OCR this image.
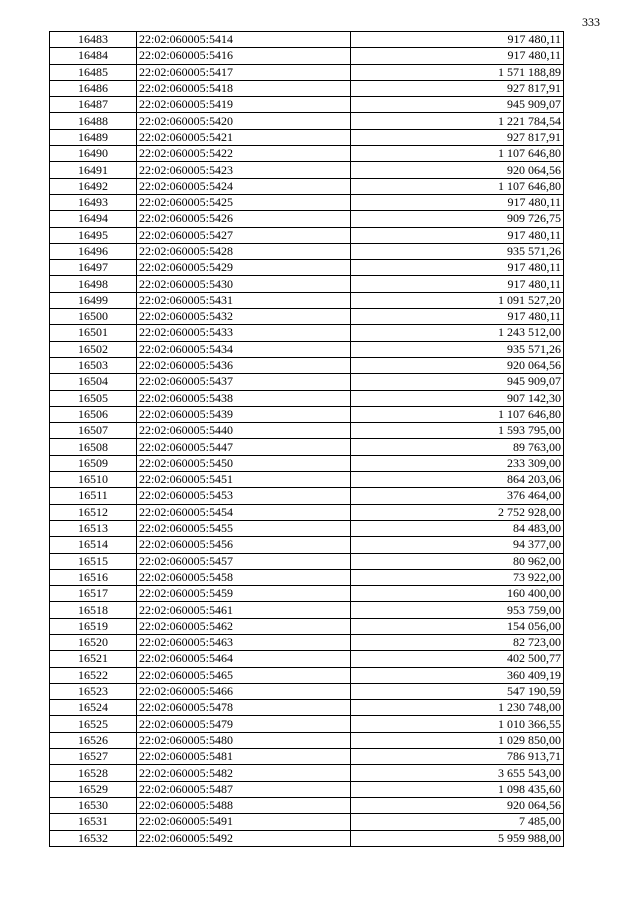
333
16483	22:02:060005:5414	917 480,11
16484	22:02:060005:5416	917 480,11
16485	22:02:060005:5417	1 571 188,89
16486	22:02:060005:5418	927 817,91
16487	22:02:060005:5419	945 909,07
16488	22:02:060005:5420	1 221 784,54
16489	22:02:060005:5421	927 817,91
16490	22:02:060005:5422	1 107 646,80
16491	22:02:060005:5423	920 064,56
16492	22:02:060005:5424	1 107 646,80
16493	22:02:060005:5425	917 480,11
16494	22:02:060005:5426	909 726,75
16495	22:02:060005:5427	917 480,11
16496	22:02:060005:5428	935 571,26
16497	22:02:060005:5429	917 480,11
16498	22:02:060005:5430	917 480,11
16499	22:02:060005:5431	1 091 527,20
16500	22:02:060005:5432	917 480,11
16501	22:02:060005:5433	1 243 512,00
16502	22:02:060005:5434	935 571,26
16503	22:02:060005:5436	920 064,56
16504	22:02:060005:5437	945 909,07
16505	22:02:060005:5438	907 142,30
16506	22:02:060005:5439	1 107 646,80
16507	22:02:060005:5440	1 593 795,00
16508	22:02:060005:5447	89 763,00
16509	22:02:060005:5450	233 309,00
16510	22:02:060005:5451	864 203,06
16511	22:02:060005:5453	376 464,00
16512	22:02:060005:5454	2 752 928,00
16513	22:02:060005:5455	84 483,00
16514	22:02:060005:5456	94 377,00
16515	22:02:060005:5457	80 962,00
16516	22:02:060005:5458	73 922,00
16517	22:02:060005:5459	160 400,00
16518	22:02:060005:5461	953 759,00
16519	22:02:060005:5462	154 056,00
16520	22:02:060005:5463	82 723,00
16521	22:02:060005:5464	402 500,77
16522	22:02:060005:5465	360 409,19
16523	22:02:060005:5466	547 190,59
16524	22:02:060005:5478	1 230 748,00
16525	22:02:060005:5479	1 010 366,55
16526	22:02:060005:5480	1 029 850,00
16527	22:02:060005:5481	786 913,71
16528	22:02:060005:5482	3 655 543,00
16529	22:02:060005:5487	1 098 435,60
16530	22:02:060005:5488	920 064,56
16531	22:02:060005:5491	7 485,00
16532	22:02:060005:5492	5 959 988,00
